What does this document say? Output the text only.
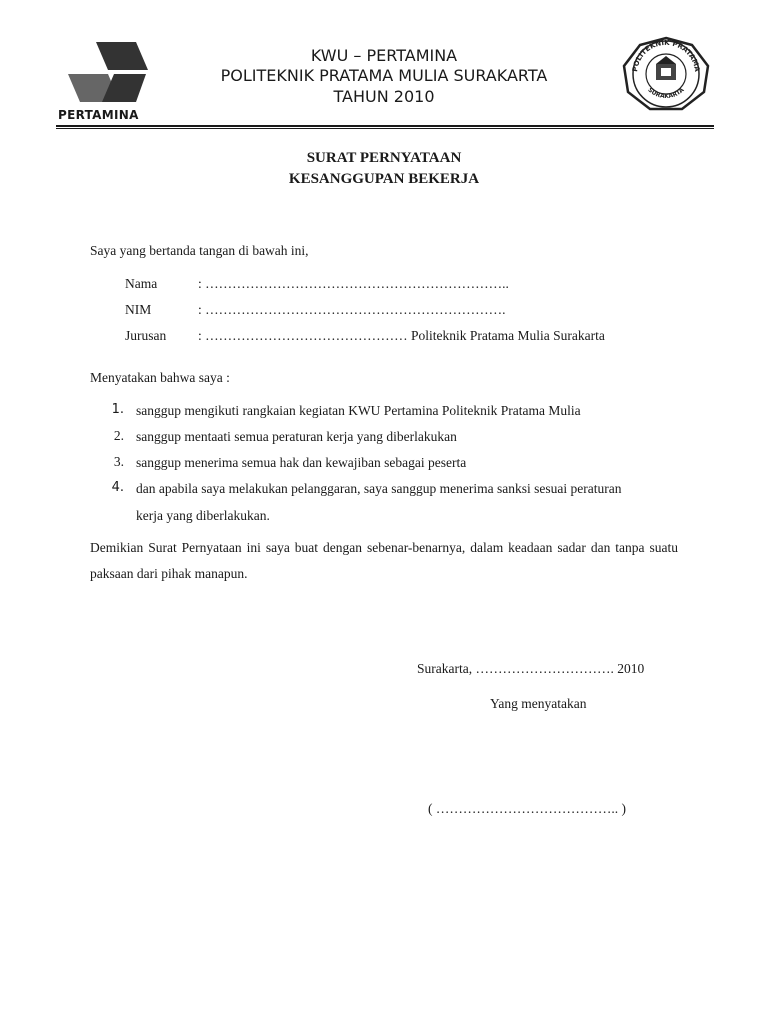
PERTAMINA
KWU – PERTAMINA
POLITEKNIK PRATAMA MULIA SURAKARTA
TAHUN 2010
POLITEKNIK PRATAMA
SURAKARTA
SURAT PERNYATAAN
KESANGGUPAN BEKERJA
Saya yang bertanda tangan di bawah ini,
Nama	: …………………………………………………………..
NIM	: ………………………………………………………….
Jurusan : ……………………………………… Politeknik Pratama Mulia Surakarta
Menyatakan bahwa saya :
1. sanggup mengikuti rangkaian kegiatan KWU Pertamina Politeknik Pratama Mulia
2. sanggup mentaati semua peraturan kerja yang diberlakukan
3. sanggup menerima semua hak dan kewajiban sebagai peserta
4. dan apabila saya melakukan pelanggaran, saya sanggup menerima sanksi sesuai peraturan
kerja yang diberlakukan.
Demikian Surat Pernyataan ini saya buat dengan sebenar-benarnya, dalam keadaan sadar dan tanpa suatu paksaan dari pihak manapun.
Surakarta, …………………………. 2010
Yang menyatakan
( ………………………………….. )
